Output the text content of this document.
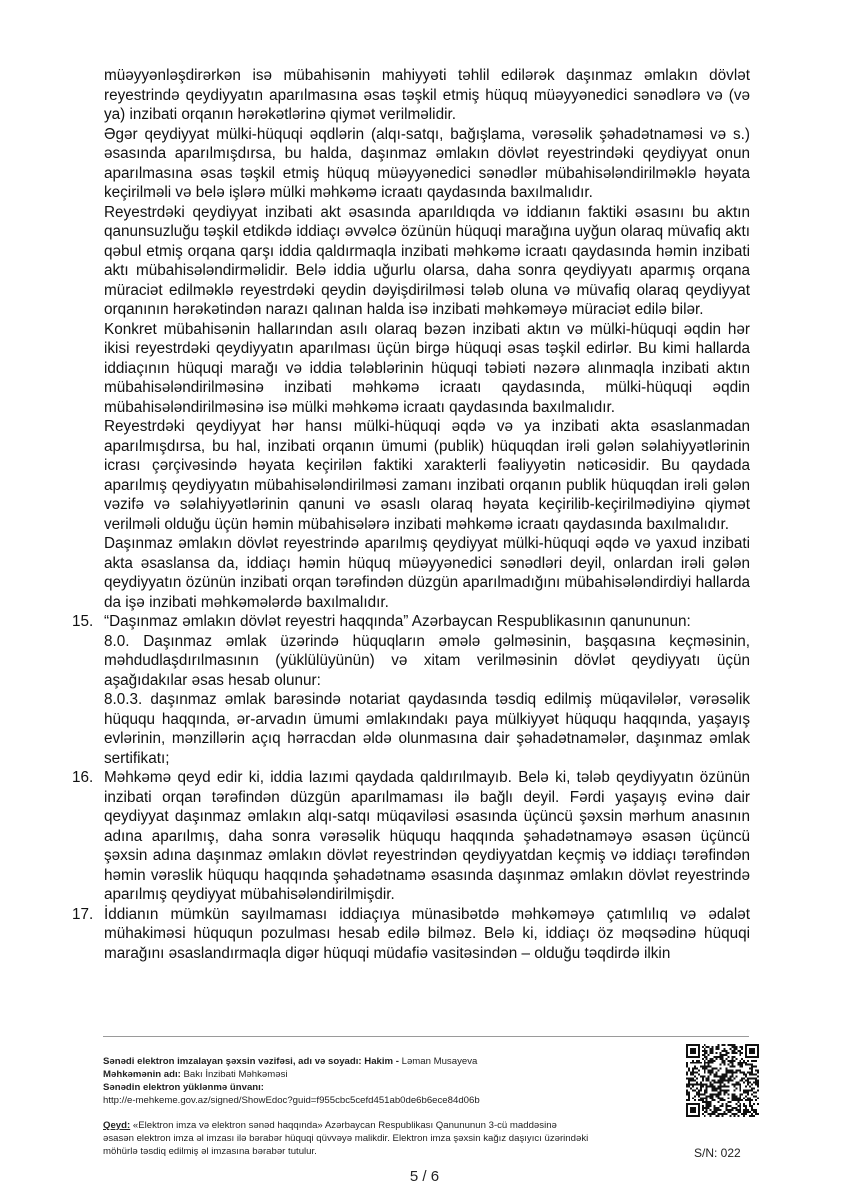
müəyyənləşdirərkən isə mübahisənin mahiyyəti təhlil edilərək daşınmaz əmlakın dövlət reyestrində qeydiyyatın aparılmasına əsas təşkil etmiş hüquq müəyyənedici sənədlərə və (və ya) inzibati orqanın hərəkətlərinə qiymət verilməlidir.

Əgər qeydiyyat mülki-hüquqi əqdlərin (alqı-satqı, bağışlama, vərəsəlik şəhadətnaməsi və s.) əsasında aparılmışdırsa, bu halda, daşınmaz əmlakın dövlət reyestrindəki qeydiyyat onun aparılmasına əsas təşkil etmiş hüquq müəyyənedici sənədlər mübahisələndirilməklə həyata keçirilməli və belə işlərə mülki məhkəmə icraatı qaydasında baxılmalıdır.

Reyestrdəki qeydiyyat inzibati akt əsasında aparıldıqda və iddianın faktiki əsasını bu aktın qanunsuzluğu təşkil etdikdə iddiaçı əvvəlcə özünün hüquqi marağına uyğun olaraq müvafiq aktı qəbul etmiş orqana qarşı iddia qaldırmaqla inzibati məhkəmə icraatı qaydasında həmin inzibati aktı mübahisələndirməlidir. Belə iddia uğurlu olarsa, daha sonra qeydiyyatı aparmış orqana müraciət edilməklə reyestrdəki qeydin dəyişdirilməsi tələb oluna və müvafiq olaraq qeydiyyat orqanının hərəkətindən narazı qalınan halda isə inzibati məhkəməyə müraciət edilə bilər.

Konkret mübahisənin hallarından asılı olaraq bəzən inzibati aktın və mülki-hüquqi əqdin hər ikisi reyestrdəki qeydiyyatın aparılması üçün birgə hüquqi əsas təşkil edirlər. Bu kimi hallarda iddiaçının hüquqi marağı və iddia tələblərinin hüquqi təbiəti nəzərə alınmaqla inzibati aktın mübahisələndirilməsinə inzibati məhkəmə icraatı qaydasında, mülki-hüquqi əqdin mübahisələndirilməsinə isə mülki məhkəmə icraatı qaydasında baxılmalıdır.

Reyestrdəki qeydiyyat hər hansı mülki-hüquqi əqdə və ya inzibati akta əsaslanmadan aparılmışdırsa, bu hal, inzibati orqanın ümumi (publik) hüquqdan irəli gələn səlahiyyətlərinin icrası çərçivəsində həyata keçirilən faktiki xarakterli fəaliyyətin nəticəsidir. Bu qaydada aparılmış qeydiyyatın mübahisələndirilməsi zamanı inzibati orqanın publik hüquqdan irəli gələn vəzifə və səlahiyyətlərinin qanuni və əsaslı olaraq həyata keçirilib-keçirilmədiyinə qiymət verilməli olduğu üçün həmin mübahisələrə inzibati məhkəmə icraatı qaydasında baxılmalıdır.

Daşınmaz əmlakın dövlət reyestrində aparılmış qeydiyyat mülki-hüquqi əqdə və yaxud inzibati akta əsaslansa da, iddiaçı həmin hüquq müəyyənedici sənədləri deyil, onlardan irəli gələn qeydiyyatın özünün inzibati orqan tərəfindən düzgün aparılmadığını mübahisələndirdiyi hallarda da işə inzibati məhkəmələrdə baxılmalıdır.

15. “Daşınmaz əmlakın dövlət reyestri haqqında” Azərbaycan Respublikasının qanununun:

8.0. Daşınmaz əmlak üzərində hüquqların əmələ gəlməsinin, başqasına keçməsinin, məhdudlaşdırılmasının (yüklülüyünün) və xitam verilməsinin dövlət qeydiyyatı üçün aşağıdakılar əsas hesab olunur:

8.0.3. daşınmaz əmlak barəsində notariat qaydasında təsdiq edilmiş müqavilələr, vərəsəlik hüququ haqqında, ər-arvadın ümumi əmlakındakı paya mülkiyyət hüququ haqqında, yaşayış evlərinin, mənzillərin açıq hərracdan əldə olunmasına dair şəhadətnamələr, daşınmaz əmlak sertifikatı;

16. Məhkəmə qeyd edir ki, iddia lazımi qaydada qaldırılmayıb. Belə ki, tələb qeydiyyatın özünün inzibati orqan tərəfindən düzgün aparılmaması ilə bağlı deyil. Fərdi yaşayış evinə dair qeydiyyat daşınmaz əmlakın alqı-satqı müqaviləsi əsasında üçüncü şəxsin mərhum anasının adına aparılmış, daha sonra vərəsəlik hüququ haqqında şəhadətnaməyə əsasən üçüncü şəxsin adına daşınmaz əmlakın dövlət reyestrindən qeydiyyatdan keçmiş və iddiaçı tərəfindən həmin vərəslik hüququ haqqında şəhadətnamə əsasında daşınmaz əmlakın dövlət reyestrində aparılmış qeydiyyat mübahisələndirilmişdir.

17. İddianın mümkün sayılmaması iddiaçıya münasibətdə məhkəməyə çatımlılıq və ədalət mühakiməsi hüququn pozulması hesab edilə bilməz. Belə ki, iddiaçı öz məqsədinə hüquqi marağını əsaslandırmaqla digər hüquqi müdafiə vasitəsindən – olduğu təqdirdə ilkin

Sənədi elektron imzalayan şəxsin vəzifəsi, adı və soyadı: Hakim - Ləman Musayeva

Məhkəmənin adı: Bakı İnzibati Məhkəməsi

Sənədin elektron yüklənmə ünvanı:

http://e-mehkeme.gov.az/signed/ShowEdoc?guid=f955cbc5cefd451ab0de6b6ece84d06b

Qeyd: «Elektron imza və elektron sənəd haqqında» Azərbaycan Respublikası Qanununun 3-cü maddəsinə

əsasən elektron imza əl imzası ilə bərabər hüquqi qüvvəyə malikdir. Elektron imza şəxsin kağız daşıyıcı üzərindəki

möhürlə təsdiq edilmiş əl imzasına bərabər tutulur.	S/N: 022
5 / 6
